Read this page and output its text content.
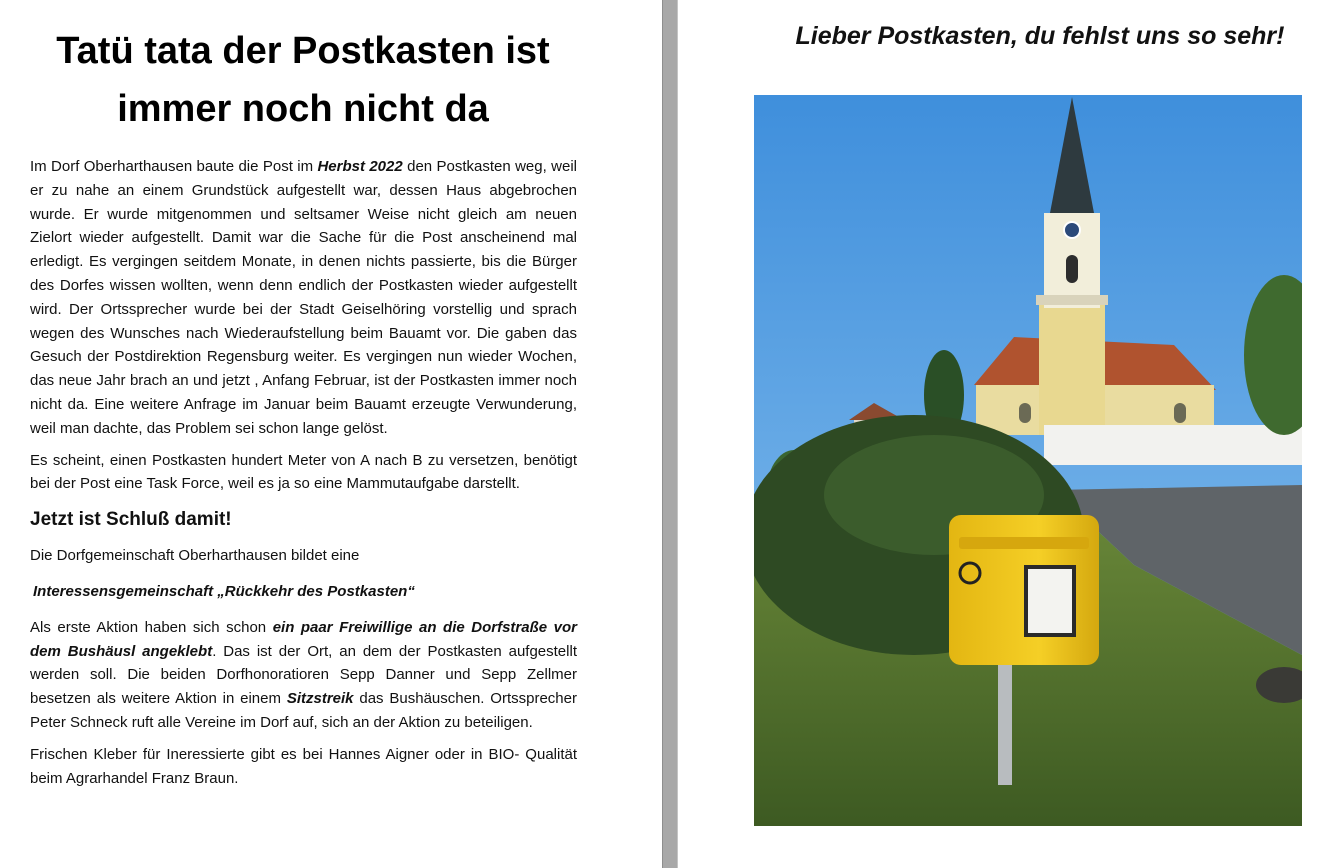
Tatü tata der Postkasten ist
immer noch nicht da

Im Dorf Oberharthausen baute die Post im Herbst 2022 den Postkasten weg, weil er zu nahe an einem Grundstück aufgestellt war, dessen Haus abgebrochen wurde. Er wurde mitgenommen und seltsamer Weise nicht gleich am neuen Zielort wieder aufgestellt. Damit war die Sache für die Post anscheinend mal erledigt. Es vergingen seitdem Monate, in denen nichts passierte, bis die Bürger des Dorfes wissen wollten, wenn denn endlich der Postkasten wieder aufgestellt wird. Der Ortssprecher wurde bei der Stadt Geiselhöring vorstellig und sprach wegen des Wunsches nach Wiederaufstellung beim Bauamt vor. Die gaben das Gesuch der Postdirektion Regensburg weiter. Es vergingen nun wieder Wochen, das neue Jahr brach an und jetzt , Anfang Februar, ist der Postkasten immer noch nicht da. Eine weitere Anfrage im Januar beim Bauamt erzeugte Verwunderung, weil man dachte, das Problem sei schon lange gelöst.

Es scheint, einen Postkasten hundert Meter von A nach B zu versetzen, benötigt bei der Post eine Task Force, weil es ja so eine Mammutaufgabe darstellt.

Jetzt ist Schluß damit!

Die Dorfgemeinschaft Oberharthausen bildet eine

Interessensgemeinschaft „Rückkehr des Postkasten“

Als erste Aktion haben sich schon ein paar Freiwillige an die Dorfstraße vor dem Bushäusl angeklebt. Das ist der Ort, an dem der Postkasten aufgestellt werden soll. Die beiden Dorfhonoratioren Sepp Danner und Sepp Zellmer besetzen als weitere Aktion in einem Sitzstreik das Bushäuschen. Ortssprecher Peter Schneck ruft alle Vereine im Dorf auf, sich an der Aktion zu beteiligen.

Frischen Kleber für Ineressierte gibt es bei Hannes Aigner oder in BIO- Qualität beim Agrarhandel Franz Braun.

Lieber Postkasten, du fehlst uns so sehr!
